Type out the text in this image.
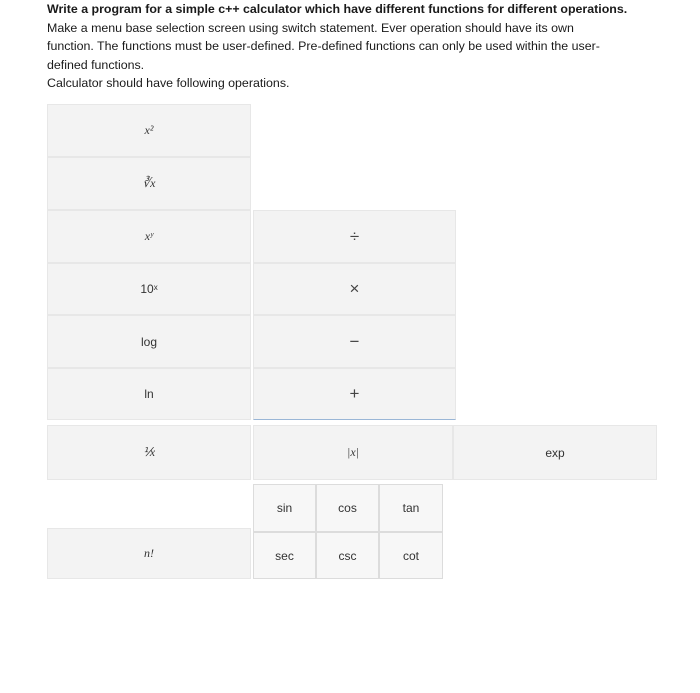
Write a program for a simple c++ calculator which have different functions for different operations.
Make a menu base selection screen using switch statement. Ever operation should have its own
function. The functions must be user-defined. Pre-defined functions can only be used within the user-
defined functions.
Calculator should have following operations.
x²
∛x
xʸ
10ˣ
log
ln
÷
×
−
+
⅟x	|x|	exp
sin	cos	tan
sec	csc	cot
n!
